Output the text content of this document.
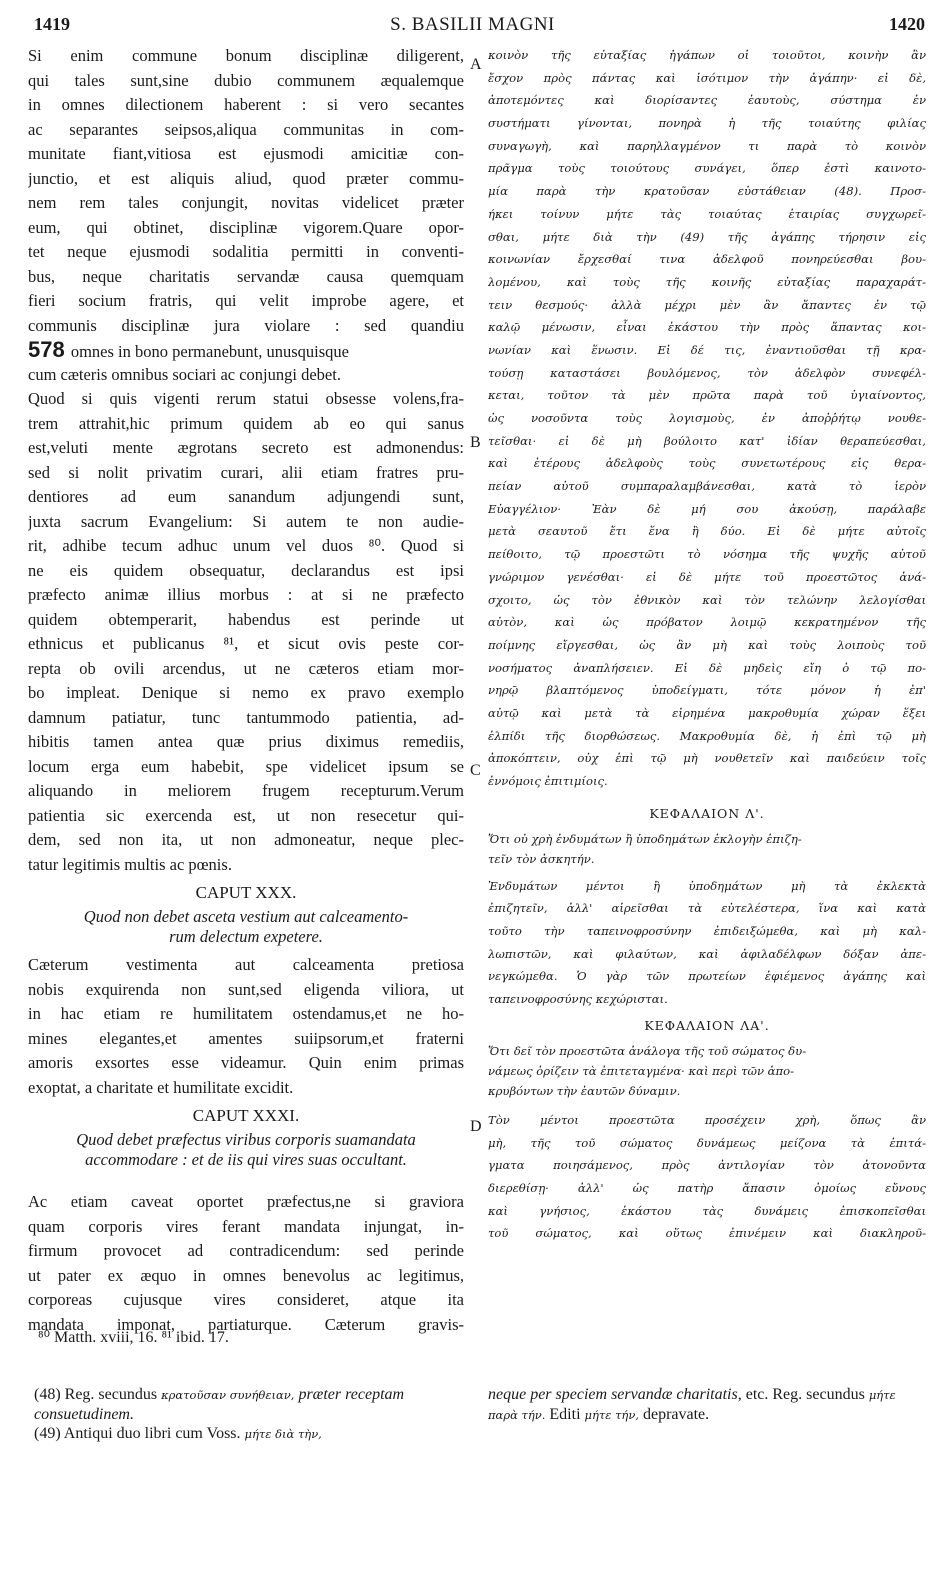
1419	S. BASILII MAGNI	1420
A
B
C
D
Si enim commune bonum disciplinæ diligerent,
qui tales sunt,sine dubio communem æqualemque
in omnes dilectionem haberent : si vero secantes
ac separantes seipsos,aliqua communitas in com-
munitate fiant,vitiosa est ejusmodi amicitiæ con-
junctio, et est aliquis aliud, quod præter commu-
nem rem tales conjungit, novitas videlicet præter
eum, qui obtinet, disciplinæ vigorem.Quare opor-
tet neque ejusmodi sodalitia permitti in conventi-
bus, neque charitatis servandæ causa quemquam
fieri socium fratris, qui velit improbe agere, et
communis disciplinæ jura violare : sed quandiu
578 omnes in bono permanebunt, unusquisque
cum cæteris omnibus sociari ac conjungi debet.
Quod si quis vigenti rerum statui obsesse volens,fra-
trem attrahit,hic primum quidem ab eo qui sanus
est,veluti mente ægrotans secreto est admonendus:
sed si nolit privatim curari, alii etiam fratres pru-
dentiores ad eum sanandum adjungendi sunt,
juxta sacrum Evangelium: Si autem te non audie-
rit, adhibe tecum adhuc unum vel duos ⁸⁰. Quod si
ne eis quidem obsequatur, declarandus est ipsi
præfecto animæ illius morbus : at si ne præfecto
quidem obtemperarit, habendus est perinde ut
ethnicus et publicanus ⁸¹, et sicut ovis peste cor-
repta ob ovili arcendus, ut ne cæteros etiam mor-
bo impleat. Denique si nemo ex pravo exemplo
damnum patiatur, tunc tantummodo patientia, ad-
hibitis tamen antea quæ prius diximus remediis,
locum erga eum habebit, spe videlicet ipsum se
aliquando in meliorem frugem recepturum.Verum
patientia sic exercenda est, ut non resecetur qui-
dem, sed non ita, ut non admoneatur, neque plec-
tatur legitimis multis ac pœnis.
CAPUT XXX.
Quod non debet asceta vestium aut calceamento-
rum delectum expetere.
Cæterum vestimenta aut calceamenta pretiosa
nobis exquirenda non sunt,sed eligenda viliora, ut
in hac etiam re humilitatem ostendamus,et ne ho-
mines elegantes,et amentes suiipsorum,et fraterni
amoris exsortes esse videamur. Quin enim primas
exoptat, a charitate et humilitate excidit.
CAPUT XXXI.
Quod debet præfectus viribus corporis suamandata
accommodare : et de iis qui vires suas occultant.
Ac etiam caveat oportet præfectus,ne si graviora
quam corporis vires ferant mandata injungat, in-
firmum provocet ad contradicendum: sed perinde
ut pater ex æquo in omnes benevolus ac legitimus,
corporeas cujusque vires consideret, atque ita
mandata imponat, partiaturque. Cæterum gravis-
κοινὸν τῆς εὐταξίας ἠγάπων οἱ τοιοῦτοι, κοινὴν ἂν
ἔσχον πρὸς πάντας καὶ ἰσότιμον τὴν ἀγάπην· εἰ δὲ,
ἀποτεμόντες καὶ διορίσαντες ἑαυτοὺς, σύστημα ἐν
συστήματι γίνονται, πονηρὰ ἡ τῆς τοιαύτης φιλίας
συναγωγὴ, καὶ παρηλλαγμένον τι παρὰ τὸ κοινὸν
πρᾶγμα τοὺς τοιούτους συνάγει, ὅπερ ἐστὶ καινοτο-
μία παρὰ τὴν κρατοῦσαν εὐστάθειαν (48). Προσ-
ήκει τοίνυν μήτε τὰς τοιαύτας ἑταιρίας συγχωρεῖ-
σθαι, μήτε διὰ τὴν (49) τῆς ἀγάπης τήρησιν εἰς
κοινωνίαν ἔρχεσθαί τινα ἀδελφοῦ πονηρεύεσθαι βου-
λομένου, καὶ τοὺς τῆς κοινῆς εὐταξίας παραχαράτ-
τειν θεσμούς· ἀλλὰ μέχρι μὲν ἂν ἅπαντες ἐν τῷ
καλῷ μένωσιν, εἶναι ἑκάστου τὴν πρὸς ἅπαντας κοι-
νωνίαν καὶ ἕνωσιν. Εἰ δέ τις, ἐναντιοῦσθαι τῇ κρα-
τούσῃ καταστάσει βουλόμενος, τὸν ἀδελφὸν συνεφέλ-
κεται, τοῦτον τὰ μὲν πρῶτα παρὰ τοῦ ὑγιαίνοντος,
ὡς νοσοῦντα τοὺς λογισμοὺς, ἐν ἀποῤῥήτῳ νουθε-
τεῖσθαι· εἰ δὲ μὴ βούλοιτο κατ' ἰδίαν θεραπεύεσθαι,
καὶ ἑτέρους ἀδελφοὺς τοὺς συνετωτέρους εἰς θερα-
πείαν αὐτοῦ συμπαραλαμβάνεσθαι, κατὰ τὸ ἱερὸν
Εὐαγγέλιον· Ἐὰν δὲ μή σου ἀκούσῃ, παράλαβε
μετὰ σεαυτοῦ ἔτι ἕνα ἢ δύο. Εἰ δὲ μήτε αὐτοῖς
πείθοιτο, τῷ προεστῶτι τὸ νόσημα τῆς ψυχῆς αὐτοῦ
γνώριμον γενέσθαι· εἰ δὲ μήτε τοῦ προεστῶτος ἀνά-
σχοιτο, ὡς τὸν ἐθνικὸν καὶ τὸν τελώνην λελογίσθαι
αὐτὸν, καὶ ὡς πρόβατον λοιμῷ κεκρατημένον τῆς
ποίμνης εἴργεσθαι, ὡς ἂν μὴ καὶ τοὺς λοιποὺς τοῦ
νοσήματος ἀναπλήσειεν. Εἰ δὲ μηδεὶς εἴη ὁ τῷ πο-
νηρῷ βλαπτόμενος ὑποδείγματι, τότε μόνον ἡ ἐπ'
αὐτῷ καὶ μετὰ τὰ εἰρημένα μακροθυμία χώραν ἕξει
ἐλπίδι τῆς διορθώσεως. Μακροθυμία δὲ, ἡ ἐπὶ τῷ μὴ
ἀποκόπτειν, οὐχ ἐπὶ τῷ μὴ νουθετεῖν καὶ παιδεύειν τοῖς
ἐννόμοις ἐπιτιμίοις.
ΚΕΦΑΛΑΙΟΝ Λ'.
Ὅτι οὐ χρὴ ἐνδυμάτων ἢ ὑποδημάτων ἐκλογὴν ἐπιζη-
τεῖν τὸν ἀσκητήν.
Ἐνδυμάτων μέντοι ἢ ὑποδημάτων μὴ τὰ ἐκλεκτὰ
ἐπιζητεῖν, ἀλλ' αἱρεῖσθαι τὰ εὐτελέστερα, ἵνα καὶ κατὰ
τοῦτο τὴν ταπεινοφροσύνην ἐπιδειξώμεθα, καὶ μὴ καλ-
λωπιστῶν, καὶ φιλαύτων, καὶ ἀφιλαδέλφων δόξαν ἀπε-
νεγκώμεθα. Ὁ γὰρ τῶν πρωτείων ἐφιέμενος ἀγάπης καὶ
ταπεινοφροσύνης κεχώρισται.
ΚΕΦΑΛΑΙΟΝ ΛΑ'.
Ὅτι δεῖ τὸν προεστῶτα ἀνάλογα τῆς τοῦ σώματος δυ-
νάμεως ὁρίζειν τὰ ἐπιτεταγμένα· καὶ περὶ τῶν ἀπο-
κρυβόντων τὴν ἑαυτῶν δύναμιν.
Τὸν μέντοι προεστῶτα προσέχειν χρὴ, ὅπως ἂν
μὴ, τῆς τοῦ σώματος δυνάμεως μείζονα τὰ ἐπιτά-
γματα ποιησάμενος, πρὸς ἀντιλογίαν τὸν ἀτονοῦντα
διερεθίσῃ· ἀλλ' ὡς πατὴρ ἅπασιν ὁμοίως εὔνους
καὶ γνήσιος, ἑκάστου τὰς δυνάμεις ἐπισκοπεῖσθαι
τοῦ σώματος, καὶ οὕτως ἐπινέμειν καὶ διακληροῦ-
⁸⁰ Matth. xviii, 16. ⁸¹ ibid. 17.
(48) Reg. secundus κρατοῦσαν συνήθειαν, præter receptam consuetudinem.
(49) Antiqui duo libri cum Voss. μήτε διὰ τὴν,
neque per speciem servandæ charitatis, etc. Reg. secundus μήτε παρὰ τήν. Editi μήτε τήν, depravate.
